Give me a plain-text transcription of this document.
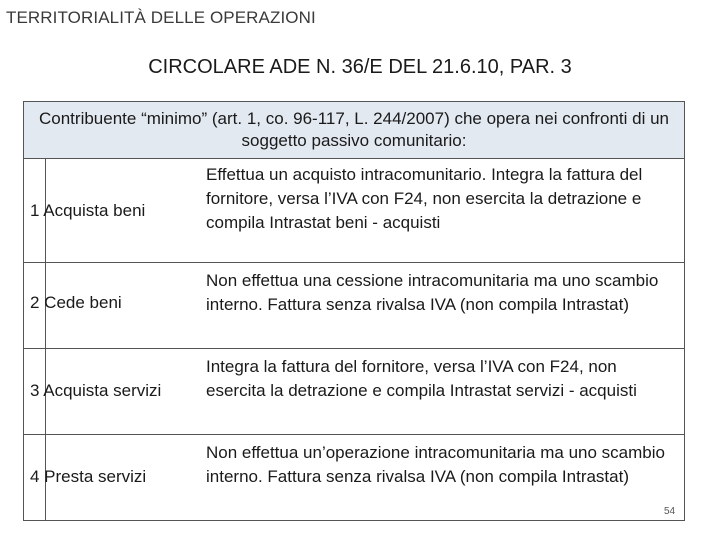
TERRITORIALITÀ DELLE OPERAZIONI
CIRCOLARE ADE N. 36/E DEL 21.6.10, PAR. 3
Contribuente “minimo” (art. 1, co. 96-117, L. 244/2007) che opera nei confronti di un soggetto passivo comunitario:
1 Acquista beni
Effettua un acquisto intracomunitario. Integra la fattura del fornitore, versa l’IVA con F24, non esercita la detrazione e compila Intrastat beni - acquisti
2 Cede beni
Non effettua una cessione intracomunitaria ma uno scambio interno. Fattura senza rivalsa IVA (non compila Intrastat)
3 Acquista servizi
Integra la fattura del fornitore, versa l’IVA con F24, non esercita la detrazione e compila Intrastat servizi - acquisti
4 Presta servizi
Non effettua un’operazione intracomunitaria ma uno scambio interno. Fattura senza rivalsa IVA (non compila Intrastat)
54
